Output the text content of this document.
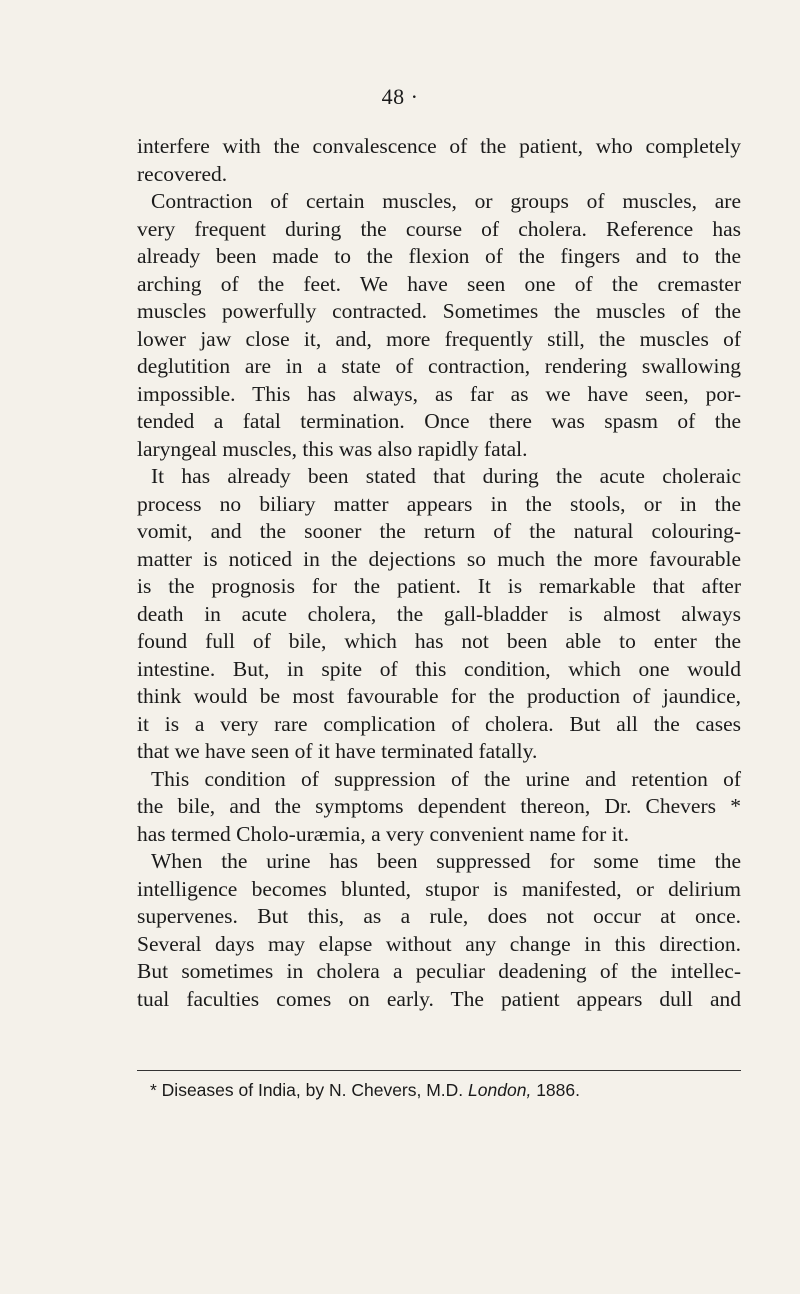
48 ·
interfere with the convalescence of the patient, who completely
recovered.
Contraction of certain muscles, or groups of muscles, are
very frequent during the course of cholera. Reference has
already been made to the flexion of the fingers and to the
arching of the feet. We have seen one of the cremaster
muscles powerfully contracted. Sometimes the muscles of the
lower jaw close it, and, more frequently still, the muscles of
deglutition are in a state of contraction, rendering swallowing
impossible. This has always, as far as we have seen, por-
tended a fatal termination. Once there was spasm of the
laryngeal muscles, this was also rapidly fatal.
It has already been stated that during the acute choleraic
process no biliary matter appears in the stools, or in the
vomit, and the sooner the return of the natural colouring-
matter is noticed in the dejections so much the more favourable
is the prognosis for the patient. It is remarkable that after
death in acute cholera, the gall-bladder is almost always
found full of bile, which has not been able to enter the
intestine. But, in spite of this condition, which one would
think would be most favourable for the production of jaundice,
it is a very rare complication of cholera. But all the cases
that we have seen of it have terminated fatally.
This condition of suppression of the urine and retention of
the bile, and the symptoms dependent thereon, Dr. Chevers *
has termed Cholo-uræmia, a very convenient name for it.
When the urine has been suppressed for some time the
intelligence becomes blunted, stupor is manifested, or delirium
supervenes. But this, as a rule, does not occur at once.
Several days may elapse without any change in this direction.
But sometimes in cholera a peculiar deadening of the intellec-
tual faculties comes on early. The patient appears dull and
* Diseases of India, by N. Chevers, M.D. London, 1886.
